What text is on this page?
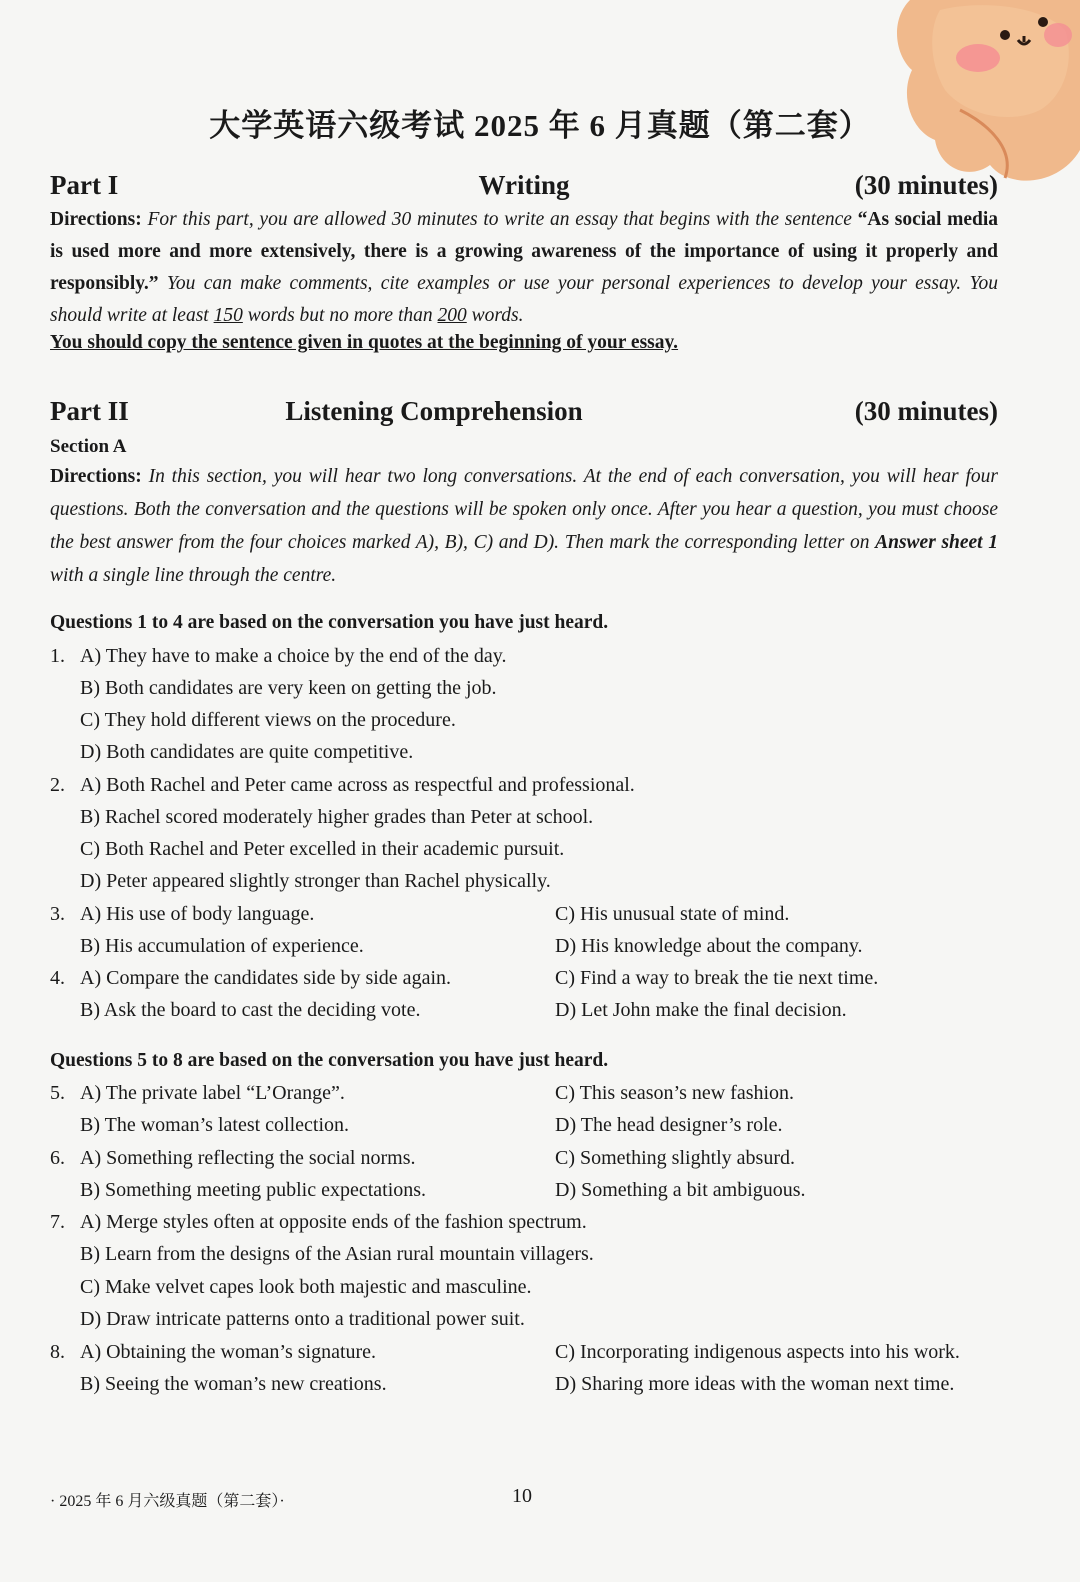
大学英语六级考试 2025 年 6 月真题（第二套）
Part I	Writing	(30 minutes)
Directions: For this part, you are allowed 30 minutes to write an essay that begins with the sentence “As social media is used more and more extensively, there is a growing awareness of the importance of using it properly and responsibly.” You can make comments, cite examples or use your personal experiences to develop your essay. You should write at least 150 words but no more than 200 words.
You should copy the sentence given in quotes at the beginning of your essay.
Part II	Listening Comprehension	(30 minutes)
Section A
Directions: In this section, you will hear two long conversations. At the end of each conversation, you will hear four questions. Both the conversation and the questions will be spoken only once. After you hear a question, you must choose the best answer from the four choices marked A), B), C) and D). Then mark the corresponding letter on Answer sheet 1 with a single line through the centre.
Questions 1 to 4 are based on the conversation you have just heard.
1. A) They have to make a choice by the end of the day.
B) Both candidates are very keen on getting the job.
C) They hold different views on the procedure.
D) Both candidates are quite competitive.
2. A) Both Rachel and Peter came across as respectful and professional.
B) Rachel scored moderately higher grades than Peter at school.
C) Both Rachel and Peter excelled in their academic pursuit.
D) Peter appeared slightly stronger than Rachel physically.
3. A) His use of body language.	C) His unusual state of mind.
B) His accumulation of experience.	D) His knowledge about the company.
4. A) Compare the candidates side by side again.	C) Find a way to break the tie next time.
B) Ask the board to cast the deciding vote.	D) Let John make the final decision.
Questions 5 to 8 are based on the conversation you have just heard.
5. A) The private label “L’Orange”.	C) This season’s new fashion.
B) The woman’s latest collection.	D) The head designer’s role.
6. A) Something reflecting the social norms.	C) Something slightly absurd.
B) Something meeting public expectations.	D) Something a bit ambiguous.
7. A) Merge styles often at opposite ends of the fashion spectrum.
B) Learn from the designs of the Asian rural mountain villagers.
C) Make velvet capes look both majestic and masculine.
D) Draw intricate patterns onto a traditional power suit.
8. A) Obtaining the woman’s signature.	C) Incorporating indigenous aspects into his work.
B) Seeing the woman’s new creations.	D) Sharing more ideas with the woman next time.
· 2025 年 6 月六级真题（第二套）·	10
